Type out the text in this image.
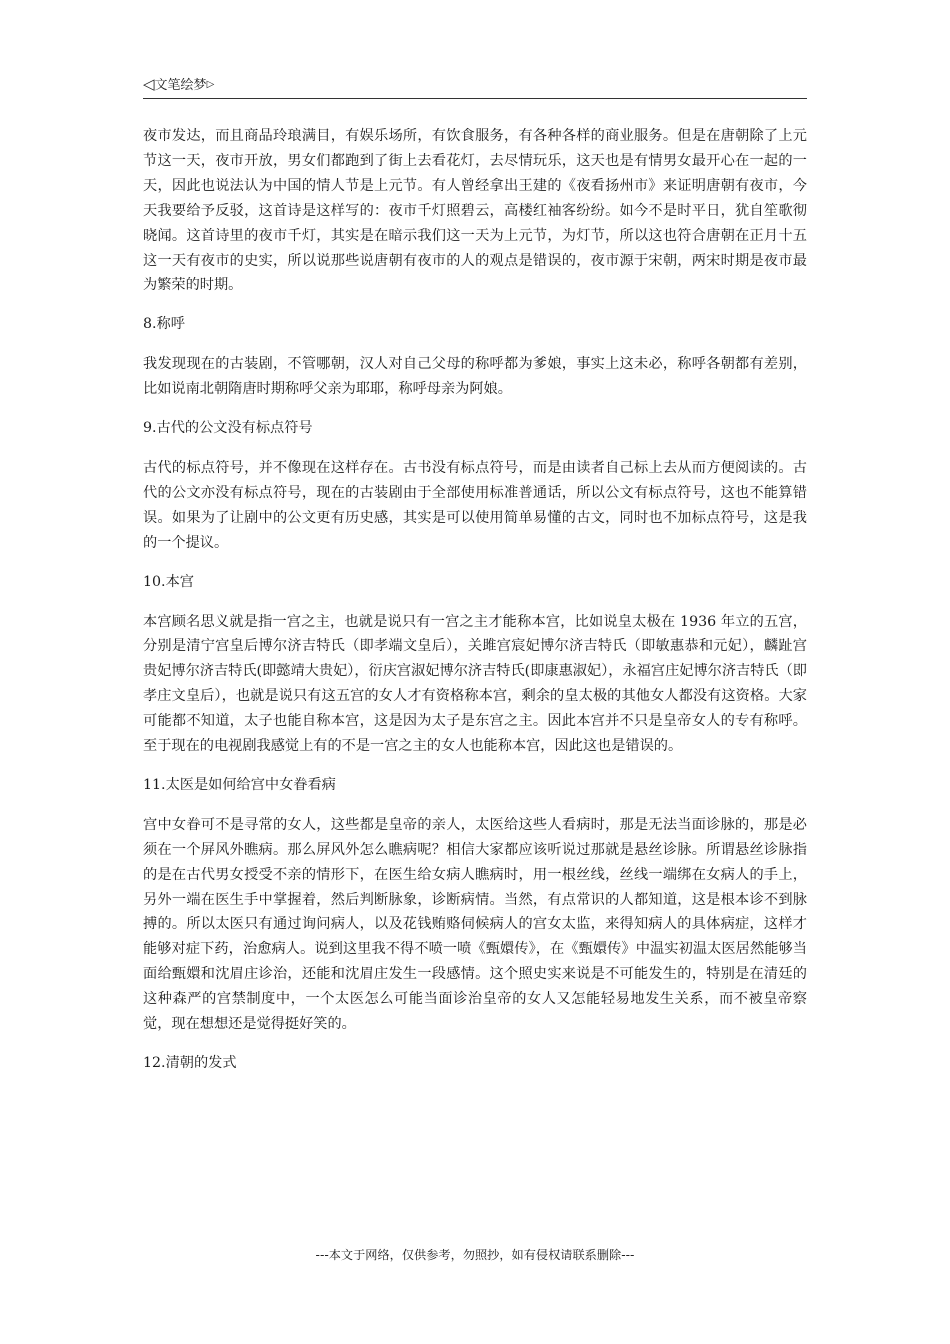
◁文笔绘梦▷

夜市发达，而且商品玲琅满目，有娱乐场所，有饮食服务，有各种各样的商业服务。但是在唐朝除了上元节这一天，夜市开放，男女们都跑到了街上去看花灯，去尽情玩乐，这天也是有情男女最开心在一起的一天，因此也说法认为中国的情人节是上元节。有人曾经拿出王建的《夜看扬州市》来证明唐朝有夜市，今天我要给予反驳，这首诗是这样写的：夜市千灯照碧云，高楼红袖客纷纷。如今不是时平日，犹自笙歌彻晓闻。这首诗里的夜市千灯，其实是在暗示我们这一天为上元节，为灯节，所以这也符合唐朝在正月十五这一天有夜市的史实，所以说那些说唐朝有夜市的人的观点是错误的，夜市源于宋朝，两宋时期是夜市最为繁荣的时期。

8.称呼

我发现现在的古装剧，不管哪朝，汉人对自己父母的称呼都为爹娘，事实上这未必，称呼各朝都有差别，比如说南北朝隋唐时期称呼父亲为耶耶，称呼母亲为阿娘。

9.古代的公文没有标点符号

古代的标点符号，并不像现在这样存在。古书没有标点符号，而是由读者自己标上去从而方便阅读的。古代的公文亦没有标点符号，现在的古装剧由于全部使用标准普通话，所以公文有标点符号，这也不能算错误。如果为了让剧中的公文更有历史感，其实是可以使用简单易懂的古文，同时也不加标点符号，这是我的一个提议。

10.本宫

本宫顾名思义就是指一宫之主，也就是说只有一宫之主才能称本宫，比如说皇太极在 1936 年立的五宫，分别是清宁宫皇后博尔济吉特氏（即孝端文皇后），关雎宫宸妃博尔济吉特氏（即敏惠恭和元妃），麟趾宫贵妃博尔济吉特氏(即懿靖大贵妃），衍庆宫淑妃博尔济吉特氏(即康惠淑妃），永福宫庄妃博尔济吉特氏（即孝庄文皇后），也就是说只有这五宫的女人才有资格称本宫，剩余的皇太极的其他女人都没有这资格。大家可能都不知道，太子也能自称本宫，这是因为太子是东宫之主。因此本宫并不只是皇帝女人的专有称呼。至于现在的电视剧我感觉上有的不是一宫之主的女人也能称本宫，因此这也是错误的。

11.太医是如何给宫中女眷看病

宫中女眷可不是寻常的女人，这些都是皇帝的亲人，太医给这些人看病时，那是无法当面诊脉的，那是必须在一个屏风外瞧病。那么屏风外怎么瞧病呢？相信大家都应该听说过那就是悬丝诊脉。所谓悬丝诊脉指的是在古代男女授受不亲的情形下，在医生给女病人瞧病时，用一根丝线，丝线一端绑在女病人的手上，另外一端在医生手中掌握着，然后判断脉象，诊断病情。当然，有点常识的人都知道，这是根本诊不到脉搏的。所以太医只有通过询问病人，以及花钱贿赂伺候病人的宫女太监，来得知病人的具体病症，这样才能够对症下药，治愈病人。说到这里我不得不喷一喷《甄嬛传》，在《甄嬛传》中温实初温太医居然能够当面给甄嬛和沈眉庄诊治，还能和沈眉庄发生一段感情。这个照史实来说是不可能发生的，特别是在清廷的这种森严的宫禁制度中，一个太医怎么可能当面诊治皇帝的女人又怎能轻易地发生关系，而不被皇帝察觉，现在想想还是觉得挺好笑的。

12.清朝的发式

---本文于网络，仅供参考，勿照抄，如有侵权请联系删除---
